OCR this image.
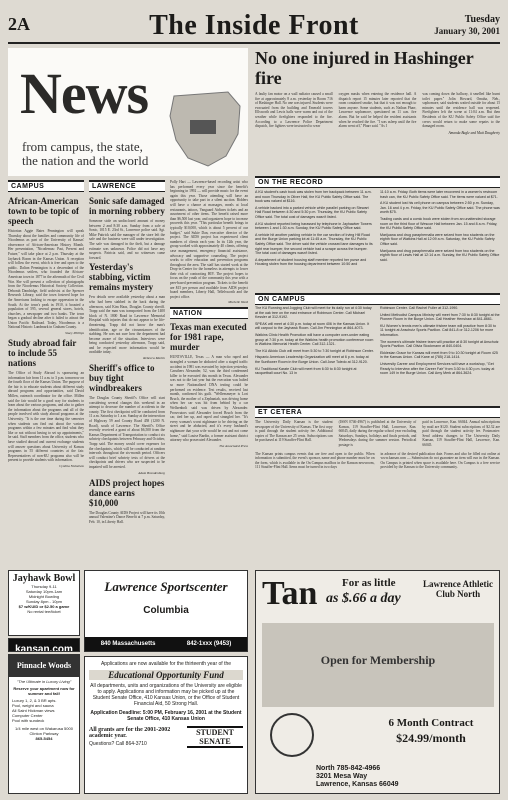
2A	The Inside Front	Tuesday
January 30, 2001
News
from campus, the state, the nation and the world
No one injured in Hashinger fire
A faulty fan motor on a wall radiator caused a small fire at approximately 8 a.m. yesterday in Room 716 of Hashinger Hall. No one was injured. Students were evacuated from the building and Emerald towers Ellsworth and Lewis halls were warm and out of the weather while firefighters responded to the fire. According to a Lawrence Police Department dispatch, fire fighters were instructed to wear
oxygen masks when entering the residence hall. A dispatch report 15 minutes later reported that the room contained smoke, but that it was not enough to harm anyone. Some students, such as Nathan Pharr, Lawrence sophomore, questioned on 11 a.m. fire alarm. But he said he helped the resident assistants when he reached the fire. "I was asleep until the fire alarm went off," Pharr said. "As I
was coming down the hallway, it smelled like burnt toilet paper." Jolin Howard, Omaha, Neb., sophomore, said students waited outside for about 15 minutes until the residence hall was reopened. Firefighters left the scene at 11:04 a.m. But then Residents of the KU Public Safety Office said fire crews would return to make some repairs to the damaged room.
Amanda Bugle and Matt Daugherty
ON THE RECORD

A KU student's cash book was stolen from her backpack between 11 a.m. and noon Thursday in Oliver Hall, the KU Public Safety Office said. The book was valued at $116.

A vehicle backed into a parked vehicle while parallel parking on Stewart Hall Road between 4:30 and 5:30 p.m. Thursday, the KU Public Safety Office said. The total cost of damages wasn't listed.

A KU student reported being harassed by telephone in Jayhawker Towers between 1 and 1:30 a.m. Sunday, the KU Public Safety Office said.

A vehicle hit another parking vehicle in the car section of Irving Hill Road and the Burge Union parking lot at 11:45 a.m. Thursday, the KU Public Safety Office said. The driver said the vehicle crossed lane damages to its right rear bumper, the second vehicle had a scrape across the bumper. The total cost of damages wasn't listed.

A department of student housing staff member reported her purse and Housing stolen from the housing department between 10:50 and

11:10 a.m. Friday. Both items were later recovered in a women's restroom trash can, the KU Public Safety Office said. The items were valued at $71.

A KU student lost his cell phone on campus between 2:50 p.m. Sunday, Jan. 16 and 4 p.m. Friday, the KU Public Safety Office said. The phone was worth $75.

Trading cards and a comic book were stolen from an unattended storage room on the third floor of Wescoe Hall between Jan. 15 and 8 a.m. Friday, the KU Public Safety Office said.

Marijuana and drug paraphernalia were seized from two students on the eighth floor of Watkins Hall at 12:09 a.m. Saturday, the KU Public Safety Office said.

Marijuana and drug paraphernalia were seized from two students on the eighth floor of Lewis Hall at 12:14 a.m. Sunday, the KU Public Safety Office said.

ON CAMPUS

The KU Running and Jogging Club will meet for its daily run at 4:30 today at the oak tree on the east entrance of Robinson Center. Call Michael Kessler at 312-9192.

SPEAK will meet at 4:30 p.m. today at room 406 in the Kansas Union. It will carpool to the Jayhawk Room. Call Jim Pennington at 864-4073.

Watkins Clinic Health Promotion will have a computer over-under eating group at 7:30 p.m. today at the Watkins health promotion conference room in Watkins Memorial Health Center. Call 312-1321.

The KU Aikido Club will meet from 5:30 to 7:30 tonight at Robinson Center.

Hispanic American Leadership Organization will meet at 6 p.m. today at the Sunflower Room in the Burge Union. Call Jose Toledo at 312-9120.

KU Traditional Karate Club will meet from 6:30 to 8:30 tonight at racquetball court No. 13 in

Robinson Center. Call Rachel Fuller at 312-1990.

United Methodist Campus Ministry will meet from 7:30 to 8:30 tonight at the Pioneer Room in the Burge Union. Call Heather Henshaw at 841-8661.

KU Women's tennis men's ultimate frisbee team will practice from 8:30 to 11 tonight at Anschutz Sports Pavilion. Call 841-8 or 312-1206 for more information.

The women's ultimate frisbee team will practice at 8:30 tonight at Anschutz Sports Pavilion. Call Olivia Stockmann at 840-0404.

Ekklesian Grace for Kansas will meet from 9 to 10:30 tonight at Room 425 in the Kansas Union. Call Kane at (785) 218-1414.

University Career and Employment Services will have a workshop, "Get Ready to Interview after the Career Fair" from 3:30 to 4:30 p.m. today at room 149 in the Burge Union. Call Amy Merk at 864-3624.

ET CETERA
The University Daily Kansan is the student newspaper of the University of Kansas. The first copy is paid through the student activity fee. Additional copies of The Kansan are 25 cents. Subscriptions can be purchased at 119 Stauffer-Flint Hall.
(ISSN 0746-4967) is published at the University of Kansas, 119 Stauffer-Flint Hall, Lawrence, Kan. 66045, daily during the regular school year excluding Saturdays, Sundays, holidays and finals periods, and Wednesdays during the summer session. Periodical postage is
paid in Lawrence, Kan. 66044. Annual subscriptions by mail are $120. Student subscriptions of $2.32 are paid through the student activity fee. Postmaster: Send address changes to The University Daily Kansan, 119 Stauffer-Flint Hall, Lawrence, Kan. 66045.
The Kansan prints campus events that are free and open to the public. When information is submitted, the event's sponsor, name and phone number must be on the form, which is available in the On Campus mailbox in the Kansan newsroom, 111 Stauffer-Flint Hall. Items must be turned in two days
in advance of the desired publication date. Forms and also be filled out online at www.kansan.com — Submission do not guarantee an item will run in the Kansan. On Campus is printed when space is available here. On Campus is a free service provided by the Kansan to the University community.
CAMPUS
African-American town to be topic of speech
Historian Aggie Bates Pennington will speak Thursday about the families and community life of Nicodemus as part of the University of Kansas' observance of African-American History Month. Her presentation, "Nicodemus: Past, Present and Future," will take place at 2 p.m. Thursday at the Jayhawk Room in the Kansas Union. A reception will follow the event, which is free and open to the public. Dalton Pennington is a descendant of the Nicodemus settlers, who founded the African-American town in 1877 in the aftermath of the Civil War. She will present a collection of photographs from the Nicodemus Historical Society Collection. Deborah Dandridge, field archivist at the Spencer Research Library, said the town fostered hope for the Americans looking to escape oppression in the South. At the town's peak in 1910, it boasted a population of 595, several general stores, hotels, churches, a newspaper and two banks. The town began a gradual decline after it failed to attract the Union Pacific Railroad. Today, Nicodemus is a National Historic Landmark in Graham County.
Stacy Phillips
Study abroad fair to include 55 nations
The Office of Study Abroad is sponsoring an information fair from 11 a.m. to 3 p.m. tomorrow on the fourth floor of the Kansas Union. The purpose of the fair is to educate students about different study abroad programs and opportunities, said David Millen, outreach coordinator for the office. Millen said the fair would be a good way for students to learn about the various programs, and also to gather the information about the programs and all of the people involved with study abroad programs at the University. "It is the one time during the semester when students can find out about the various programs within a few minutes and find what they like or not without having to set up appointments," he said. Staff members from the office, students who have studied abroad and current exchange students will answer questions about University of Kansas programs in 55 different countries at the fair. Representatives of non-KU programs also will be present to provide students with information.
Cynthia Nickelson
LAWRENCE
Sonic safe damaged in morning robbery
Someone stole an undisclosed amount of money between 2 and 8:30 a.m. Sunday from a safe at Sonic, 1015 E. 23rd St., Lawrence police said. Sgt. Mike Pattrick said the manager of the store left the safe and the business were still under investigation. The safe was damaged in the theft, but a damage estimate was unknown. Police did not have any suspects. Patricia said, and no witnesses came forward.
Yesterday's stabbing, victim remains mystery
Few details were available yesterday about a man who had been stabbed in the back during the afternoon, said Kim Haas, Douglas County sheriff. Trapp said the man was transported from the 1400 block of N. 1800 Road in Lawrence Memorial Hospital with injuries that do not appear to be life-threatening. Trapp did not know the man's identification, age or the circumstances of the stabbing. He was not sure how the department had become aware of the situation. Interviews were being conducted yesterday afternoon, Trapp said, and he expected more information would be available today.
Rebecca Martin
Sheriff's office to buy tight windbreakers
The Douglas County Sheriff's Office will start considering several changes this weekend in an attempt to decrease the number of accidents in the county. The first checkpoint will be conducted from 11 a.m. Saturday to 1 a.m. Sunday at the intersection of Highway 59 and County Road 458 (1200 N. Road), south of Lawrence. The Sheriff's Office recently received a grant of about $6,500 from the Kansas Department of Transportation to conduct six sobriety checkpoints between February and October, Trapp said. The money would cover expenses for the checkpoints, which will be conducted at random intervals throughout the six-month period. Officers will conduct brief sobriety tests of drivers at the checkpoints and drivers who are suspected to be impaired will be arrested.
Adam Brandenburg
AIDS project hopes dance earns $10,000
The Douglas County AIDS Project will have its 10th annual Valentine's Dance Benefit at 7 p.m. Saturday, Feb. 10, in Liberty Hall.
Polly Hart — Lawrence-based recording artist who has performed every year since the benefit's beginning in 1992 — will provide music for the event again this year. Those attending will have an opportunity to take part in a silent auction. Bidders will have a chance at massages, meals at local restaurants, tattoos, Vanguard Airlines tickets and an assortment of other items. The benefit raised more than $6,500 last year, and organizers hope to increase proceeds this year. "This particular benefit brings in typically $10,000, which is about 5 percent of our budget," said Sukie Dan, executive director of the project. The AIDS project has experienced client numbers of clients each year. In its 12th year, the group worked with approximately 40 clients, offering case management, emergency financial assistance, advocacy and supportive counseling. The project works to offer education and prevention programs throughout the area. The staff has started work at the Drop-in Center for the homeless in attempts to lower their risk of contracting HIV. The project hopes to focus on the youth of the community this year with a peer-based prevention program. Tickets to the benefit are $15 per person and available from AIDS project board members, Liberty Hall, Tellelsworth and the project office.
Michelle Ward
NATION
Texas man executed for 1981 rape, murder
HUNTSVILLE, Texas — A man who raped and strangled a woman he abducted after a staged traffic accident in 1981 was executed by injection yesterday. Caruthers Alexander, 52, was the third condemned killer to be executed this month in Texas. Alexander was not to die last year but the execution was halted so more Nationalized DNA testing could be performed on evidence. Test results, received last month, confirmed his guilt. "Wellensmeyer is Lori Bruch, the mother of a Zephaniah, was driving home when her car was hit from behind by a car Wellsenbolt said was driven by Alexander. Prosecutors said Alexander forced Bruch from the car, tied her up, and raped and strangled her. "It's every woman's worst nightmare to be driving on the street and be abducted, and it's every husband's nightmare that your wife would be out and not come home," said Louise Bardin, a former assistant district attorney who prosecuted Alexander.
The Associated Press
Jayhawk Bowl
Thursday 9-11
Saturday 10pm-1am
Midnight Bowling
Sunday 8pm - 10pm
$7 w/KUID or $2.50 a game
No rental tee/ticket
kansan.com
Pinnacle Woods
"The Ultimate in Luxury Living"
Reserve your apartment now for summer and fall!
Luxury 1, 2, & 3 BR apts.
Pool, weight and sauna
All Saint Hickman views
Computer Center
Pool with sundeck
1/4 mile west on Wakarusa 5000 Clinton Parkway
865-5454
Lawrence Sportscenter
Columbia
840 Massachusetts	842-1xxx (9453)
Applications are now available for the thirteenth year of the
Educational Opportunity Fund
All departments, units and organizations of the University are eligible to apply. Applications and information may be picked up at the Student Senate Office, 410 Kansas Union, or the Office of Student Financial Aid, 50 Strong Hall.
Application Deadline: 5:00 PM, February 16, 2001 at the Student Senate Office, 410 Kansas Union
All grants are for the 2001-2002 academic year.
Questions? Call 864-3710
STUDENT SENATE
Tan For as little
as $.66 a day
Lawrence Athletic Club North
Open for Membership
6 Month Contract
$24.99/month
North 785-842-4966
3201 Mesa Way
Lawrence, Kansas 66049
